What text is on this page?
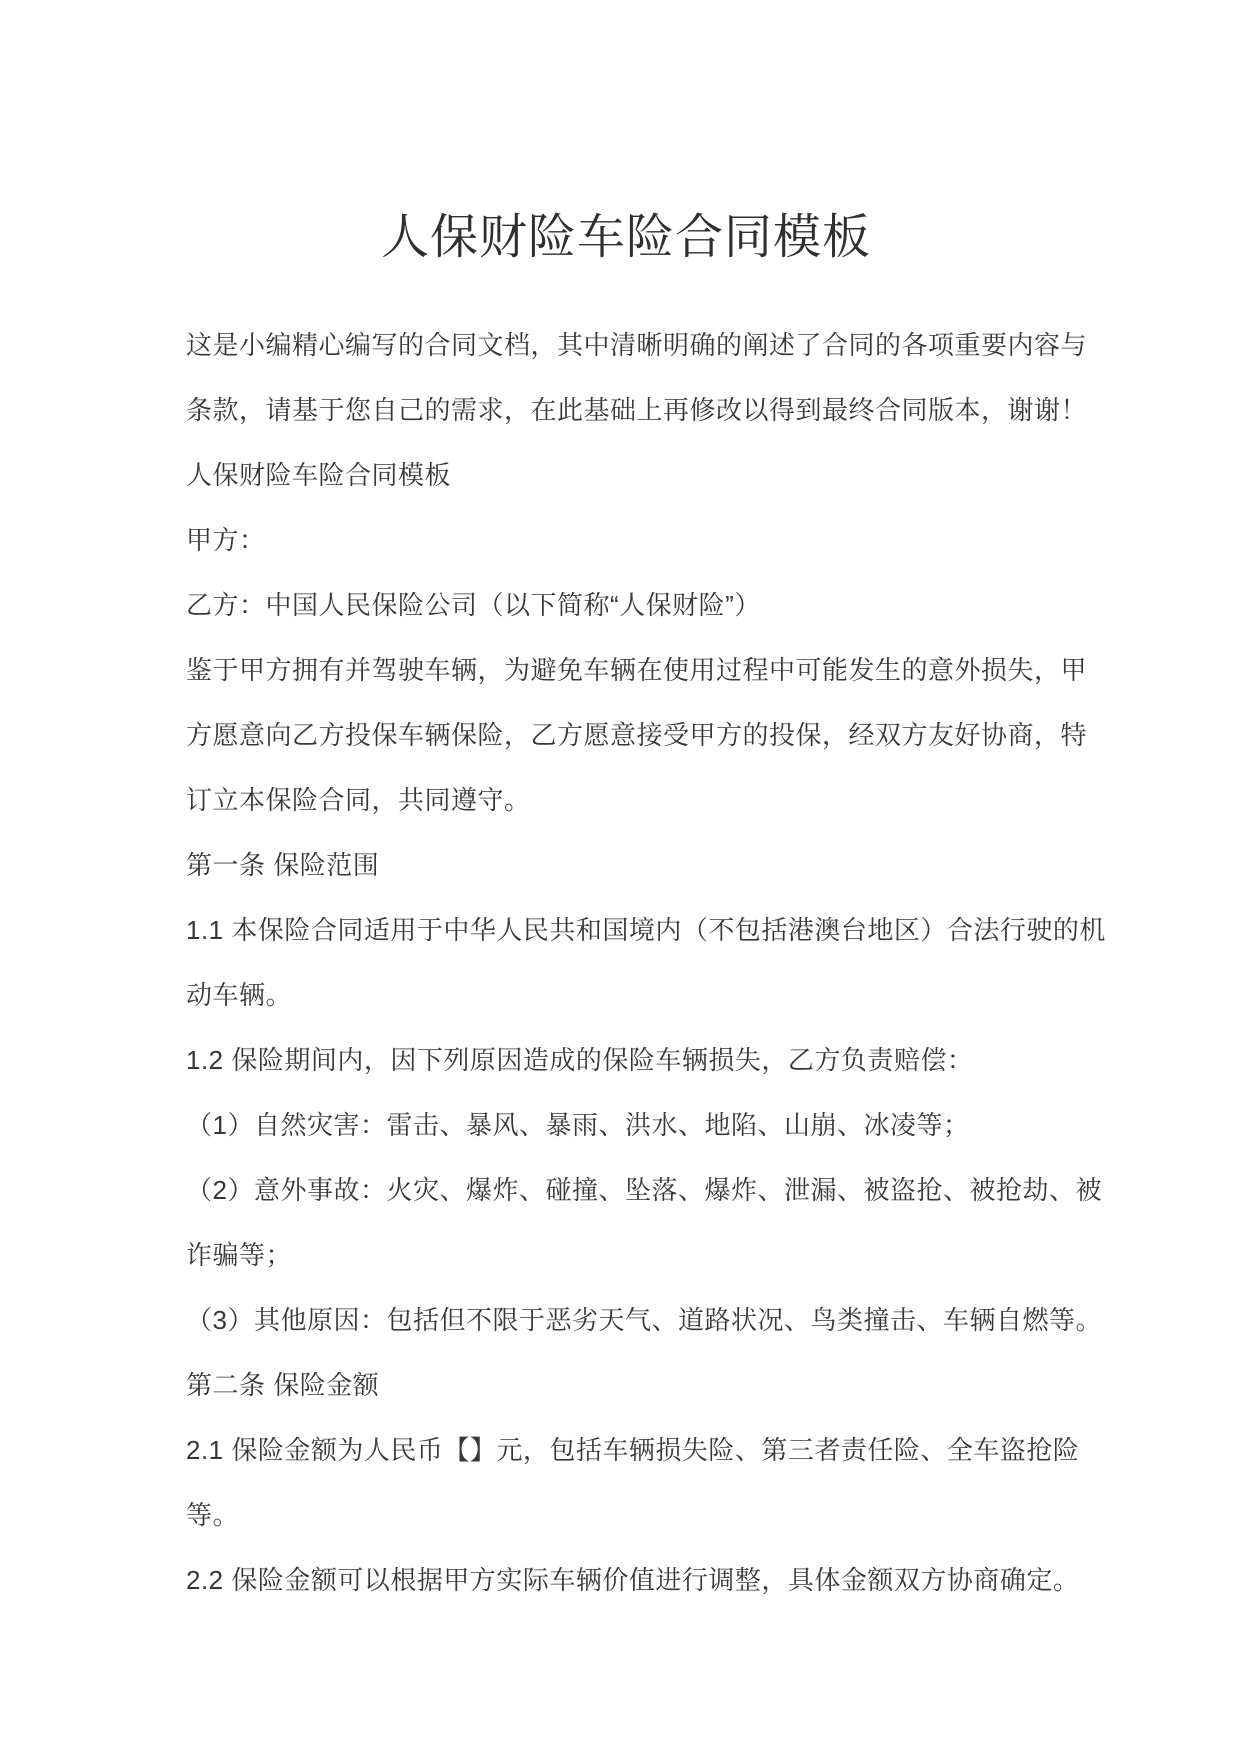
人保财险车险合同模板
这是小编精心编写的合同文档，其中清晰明确的阐述了合同的各项重要内容与
条款，请基于您自己的需求，在此基础上再修改以得到最终合同版本，谢谢！
人保财险车险合同模板
甲方：
乙方：中国人民保险公司（以下简称“人保财险”）
鉴于甲方拥有并驾驶车辆，为避免车辆在使用过程中可能发生的意外损失，甲
方愿意向乙方投保车辆保险，乙方愿意接受甲方的投保，经双方友好协商，特
订立本保险合同，共同遵守。
第一条 保险范围
1.1 本保险合同适用于中华人民共和国境内（不包括港澳台地区）合法行驶的机
动车辆。
1.2 保险期间内，因下列原因造成的保险车辆损失，乙方负责赔偿：
（1）自然灾害：雷击、暴风、暴雨、洪水、地陷、山崩、冰凌等；
（2）意外事故：火灾、爆炸、碰撞、坠落、爆炸、泄漏、被盗抢、被抢劫、被
诈骗等；
（3）其他原因：包括但不限于恶劣天气、道路状况、鸟类撞击、车辆自燃等。
第二条 保险金额
2.1 保险金额为人民币【】元，包括车辆损失险、第三者责任险、全车盗抢险
等。
2.2 保险金额可以根据甲方实际车辆价值进行调整，具体金额双方协商确定。
